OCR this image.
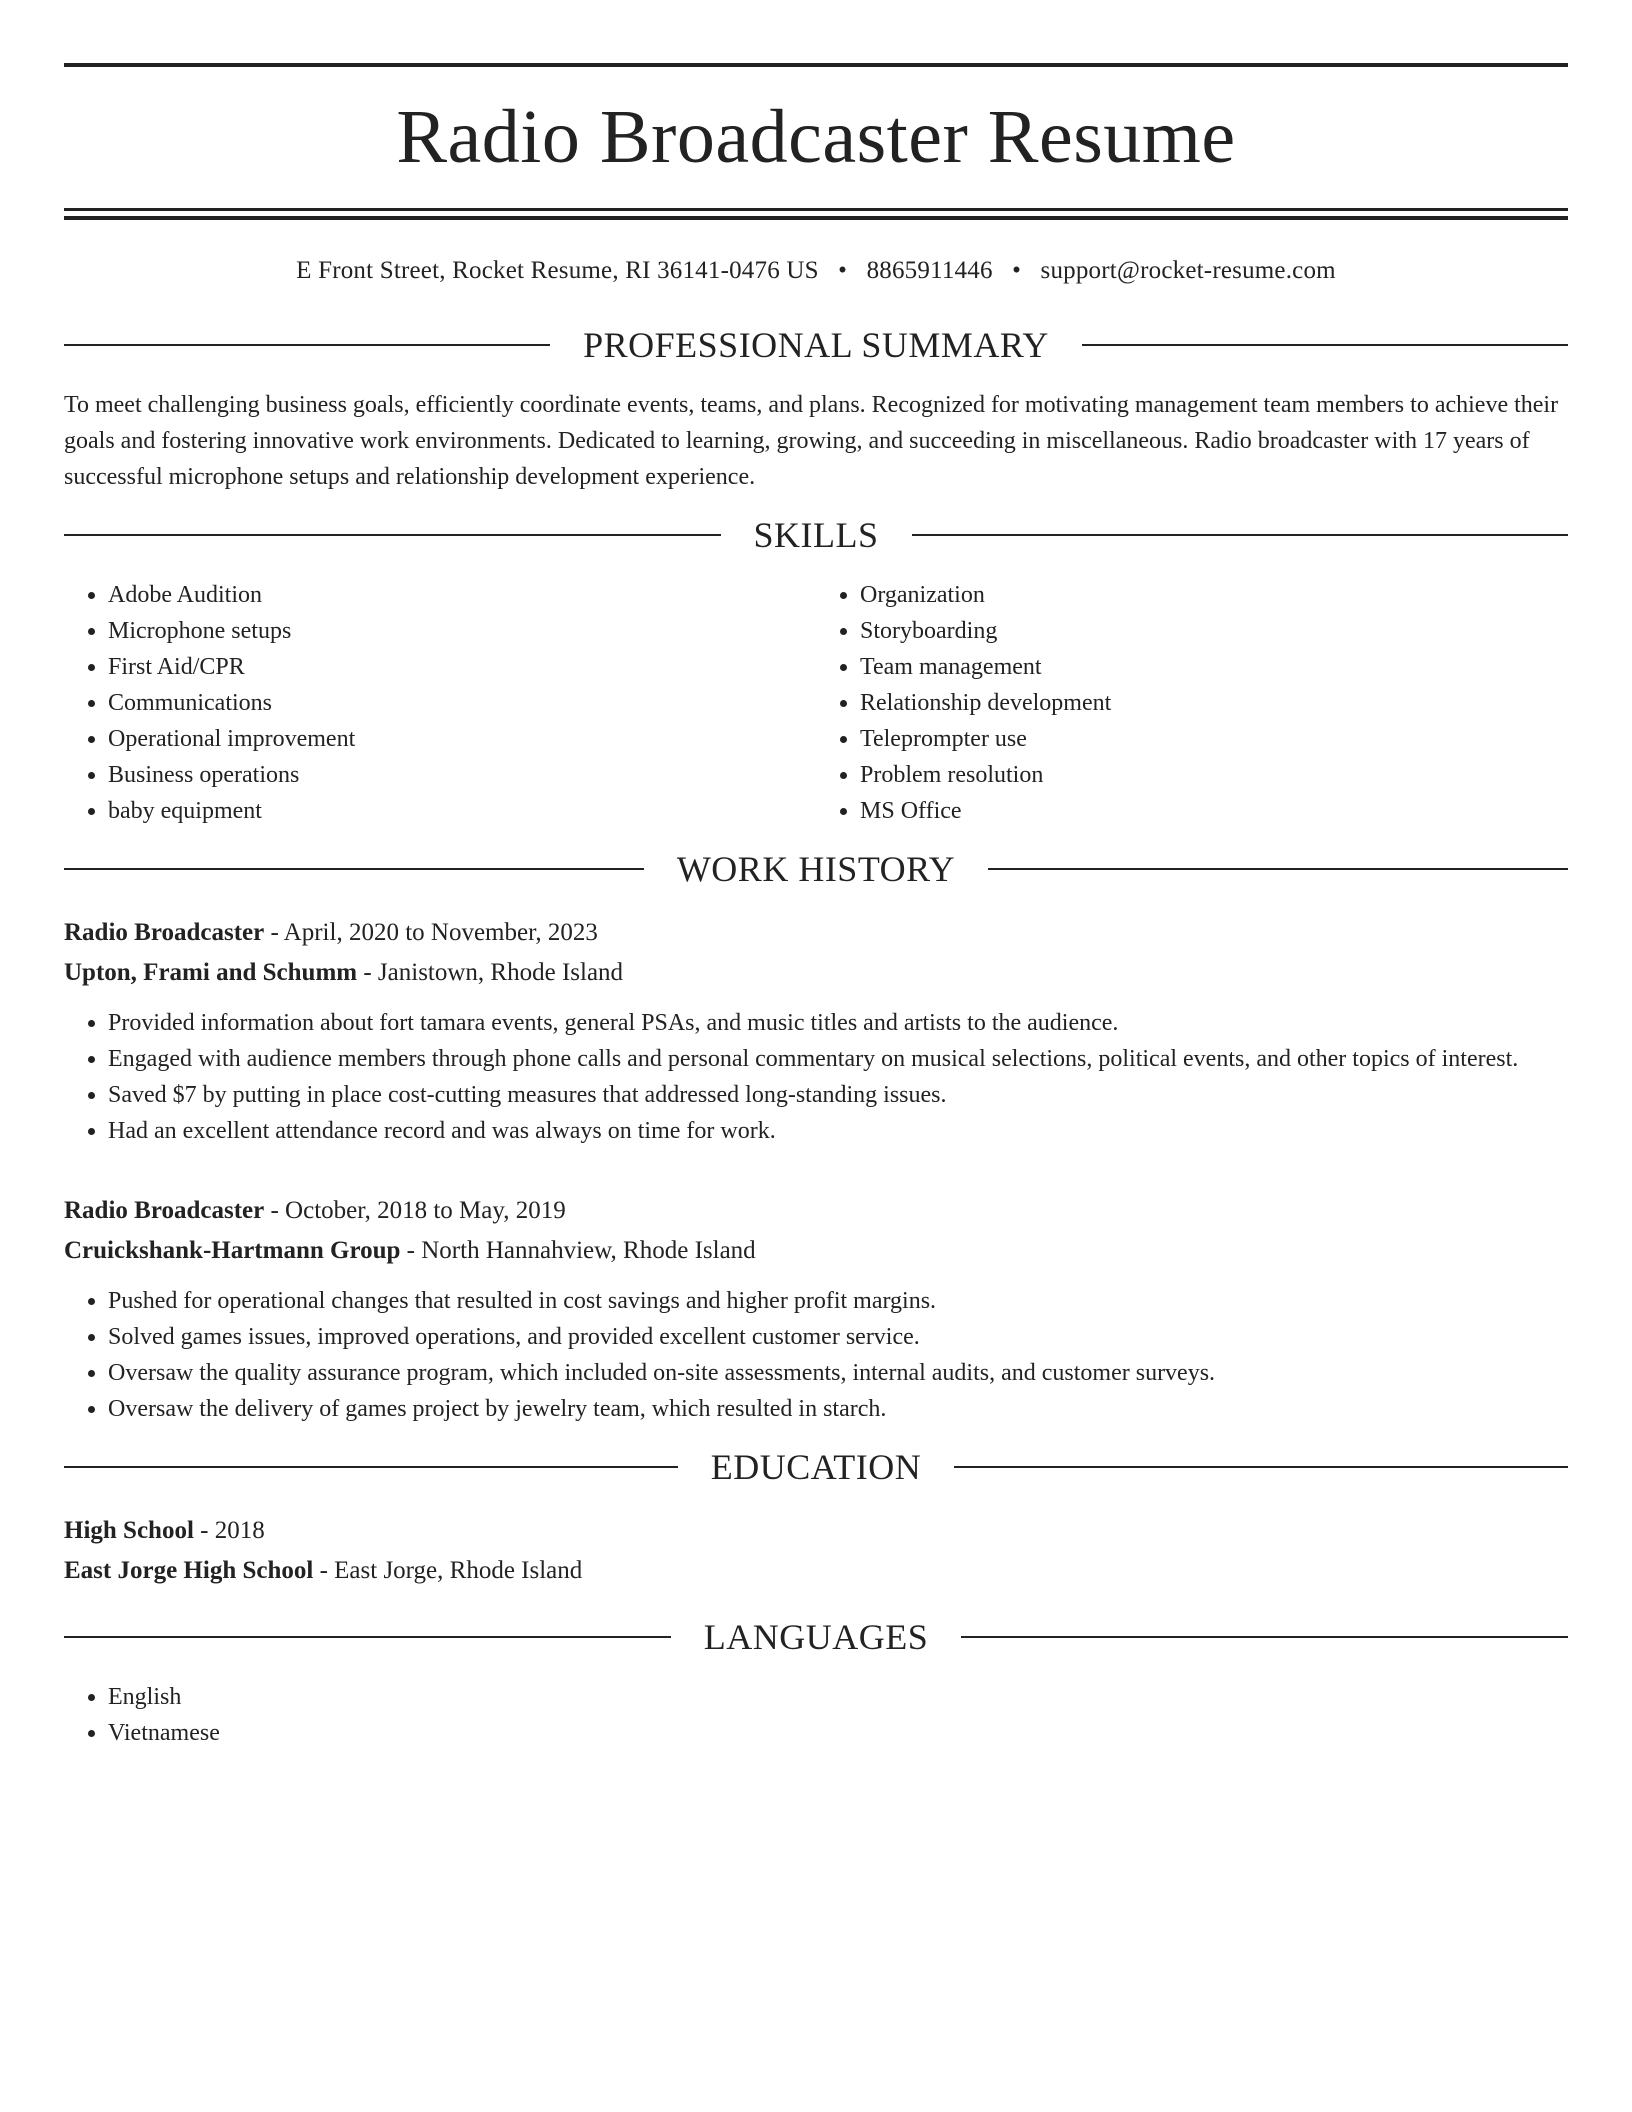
Radio Broadcaster Resume
E Front Street, Rocket Resume, RI 36141-0476 US • 8865911446 • support@rocket-resume.com
PROFESSIONAL SUMMARY

To meet challenging business goals, efficiently coordinate events, teams, and plans. Recognized for motivating management team members to achieve their goals and fostering innovative work environments. Dedicated to learning, growing, and succeeding in miscellaneous. Radio broadcaster with 17 years of successful microphone setups and relationship development experience.

SKILLS
• Adobe Audition
• Microphone setups
• First Aid/CPR
• Communications
• Operational improvement
• Business operations
• baby equipment
• Organization
• Storyboarding
• Team management
• Relationship development
• Teleprompter use
• Problem resolution
• MS Office
WORK HISTORY
Radio Broadcaster - April, 2020 to November, 2023
Upton, Frami and Schumm - Janistown, Rhode Island
• Provided information about fort tamara events, general PSAs, and music titles and artists to the audience.
• Engaged with audience members through phone calls and personal commentary on musical selections, political events, and other topics of interest.
• Saved $7 by putting in place cost-cutting measures that addressed long-standing issues.
• Had an excellent attendance record and was always on time for work.
Radio Broadcaster - October, 2018 to May, 2019
Cruickshank-Hartmann Group - North Hannahview, Rhode Island
• Pushed for operational changes that resulted in cost savings and higher profit margins.
• Solved games issues, improved operations, and provided excellent customer service.
• Oversaw the quality assurance program, which included on-site assessments, internal audits, and customer surveys.
• Oversaw the delivery of games project by jewelry team, which resulted in starch.
EDUCATION
High School - 2018
East Jorge High School - East Jorge, Rhode Island
LANGUAGES
• English
• Vietnamese
